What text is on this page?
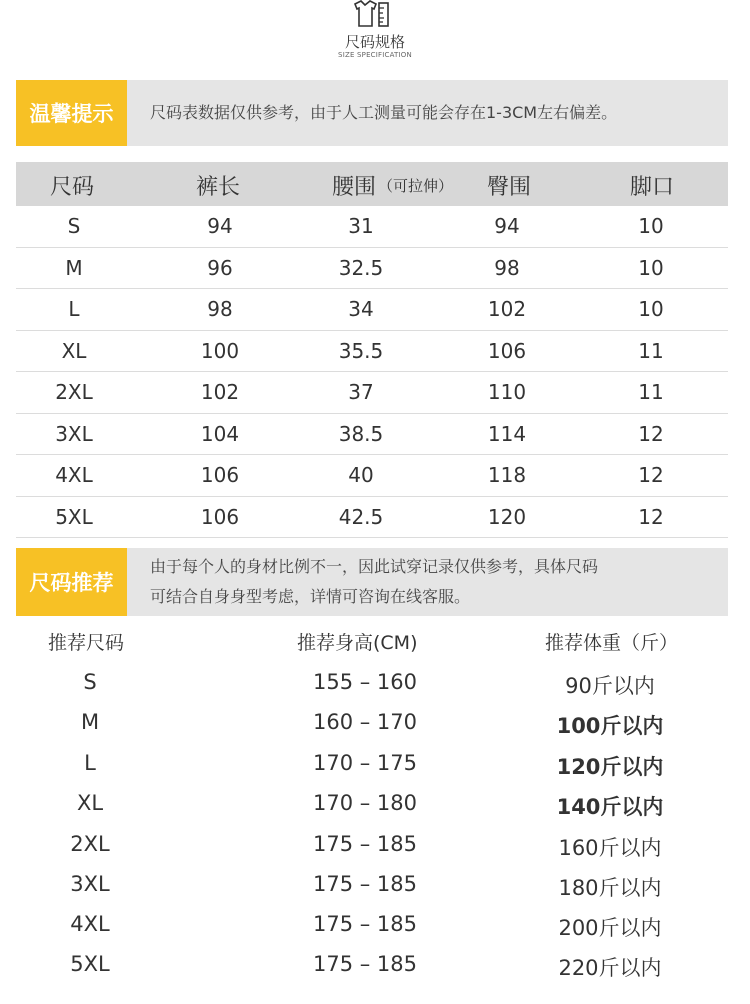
尺码规格
SIZE SPECIFICATION
温馨提示	尺码表数据仅供参考，由于人工测量可能会存在1-3CM左右偏差。
尺码	裤长	腰围 （可拉伸） 臀围	脚口
S	94	31	94	10
M	96	32.5	98	10
L	98	34	102	10
XL	100	35.5	106	11
2XL	102	37	110	11
3XL	104	38.5	114	12
4XL	106	40	118	12
5XL	106	42.5	120	12
尺码推荐
由于每个人的身材比例不一，因此试穿记录仅供参考，具体尺码
可结合自身身型考虑，详情可咨询在线客服。
推荐尺码	推荐身高(CM)	推荐体重（斤）
S	155 – 160	90斤以内
M	160 – 170	100斤以内
L	170 – 175	120斤以内
XL	170 – 180	140斤以内
2XL	175 – 185	160斤以内
3XL	175 – 185	180斤以内
4XL	175 – 185	200斤以内
5XL	175 – 185	220斤以内
